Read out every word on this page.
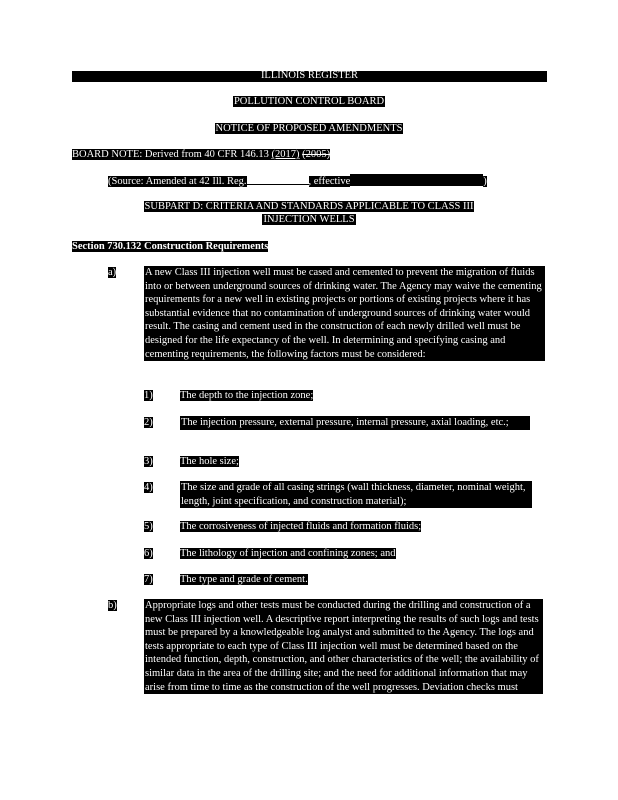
ILLINOIS REGISTER
POLLUTION CONTROL BOARD
NOTICE OF PROPOSED AMENDMENTS
BOARD NOTE: Derived from 40 CFR 146.13 (2017) (2005)
(Source: Amended at 42 Ill. Reg.	, effective	)
SUBPART D: CRITERIA AND STANDARDS APPLICABLE TO CLASS III
INJECTION WELLS
Section 730.132 Construction Requirements
a)	A new Class III injection well must be cased and cemented to prevent the migration of fluids into or between underground sources of drinking water. The Agency may waive the cementing requirements for a new well in existing projects or portions of existing projects where it has substantial evidence that no contamination of underground sources of drinking water would result. The casing and cement used in the construction of each newly drilled well must be designed for the life expectancy of the well. In determining and specifying casing and cementing requirements, the following factors must be considered:
1)	The depth to the injection zone;
2)	The injection pressure, external pressure, internal pressure, axial loading, etc.;
3)	The hole size;
4)	The size and grade of all casing strings (wall thickness, diameter, nominal weight, length, joint specification, and construction material);
5)	The corrosiveness of injected fluids and formation fluids;
6)	The lithology of injection and confining zones; and
7)	The type and grade of cement.
b)	Appropriate logs and other tests must be conducted during the drilling and construction of a new Class III injection well. A descriptive report interpreting the results of such logs and tests must be prepared by a knowledgeable log analyst and submitted to the Agency. The logs and tests appropriate to each type of Class III injection well must be determined based on the intended function, depth, construction, and other characteristics of the well; the availability of similar data in the area of the drilling site; and the need for additional information that may arise from time to time as the construction of the well progresses. Deviation checks must
